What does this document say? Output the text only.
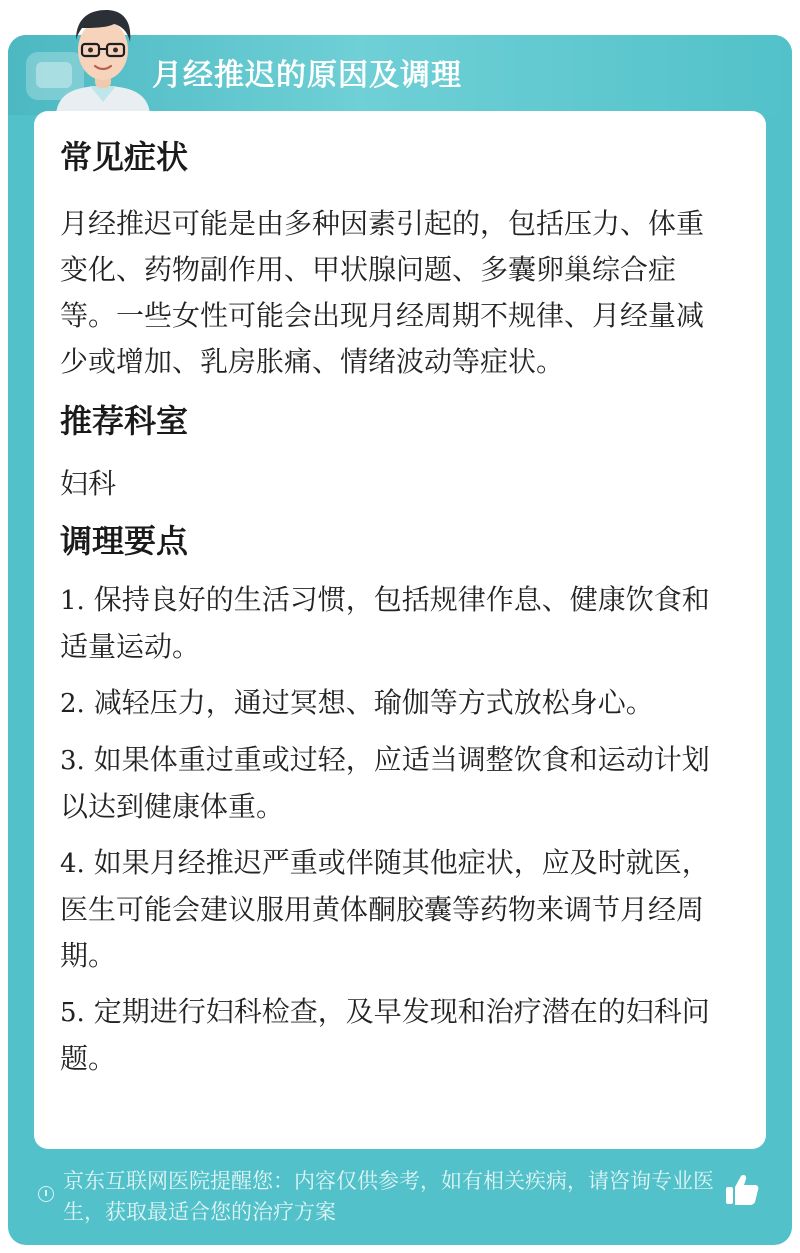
月经推迟的原因及调理
常见症状

月经推迟可能是由多种因素引起的，包括压力、体重变化、药物副作用、甲状腺问题、多囊卵巢综合症等。一些女性可能会出现月经周期不规律、月经量减少或增加、乳房胀痛、情绪波动等症状。

推荐科室

妇科

调理要点

1. 保持良好的生活习惯，包括规律作息、健康饮食和适量运动。

2. 减轻压力，通过冥想、瑜伽等方式放松身心。

3. 如果体重过重或过轻，应适当调整饮食和运动计划以达到健康体重。

4. 如果月经推迟严重或伴随其他症状，应及时就医，医生可能会建议服用黄体酮胶囊等药物来调节月经周期。

5. 定期进行妇科检查，及早发现和治疗潜在的妇科问题。

京东互联网医院提醒您：内容仅供参考，如有相关疾病，请咨询专业医生，获取最适合您的治疗方案
